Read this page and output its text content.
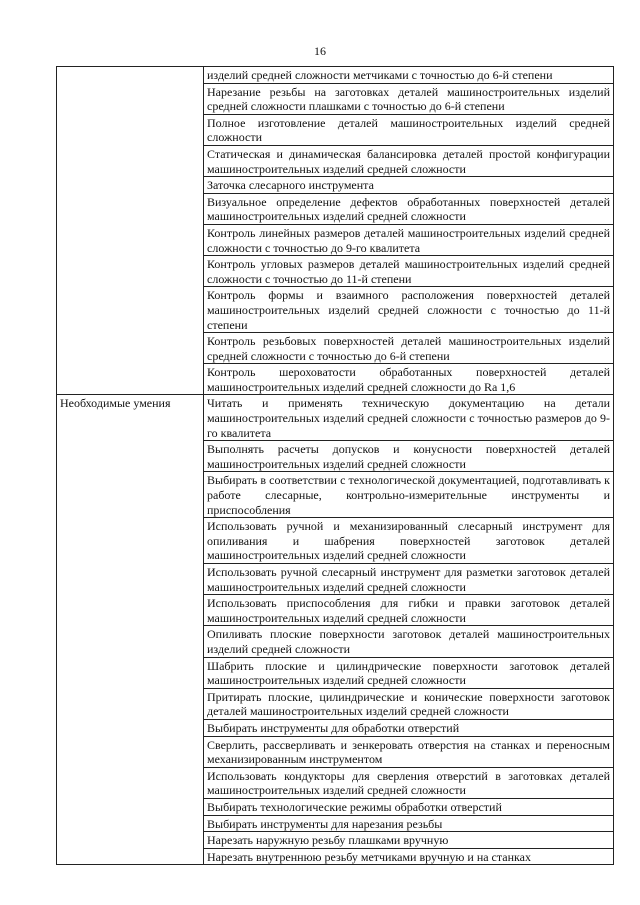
16
	изделий средней сложности метчиками с точностью до 6-й степени
	Нарезание резьбы на заготовках деталей машиностроительных изделий средней сложности плашками с точностью до 6-й степени
	Полное изготовление деталей машиностроительных изделий средней сложности
	Статическая и динамическая балансировка деталей простой конфигурации машиностроительных изделий средней сложности
	Заточка слесарного инструмента
	Визуальное определение дефектов обработанных поверхностей деталей машиностроительных изделий средней сложности
	Контроль линейных размеров деталей машиностроительных изделий средней сложности с точностью до 9-го квалитета
	Контроль угловых размеров деталей машиностроительных изделий средней сложности с точностью до 11-й степени
	Контроль формы и взаимного расположения поверхностей деталей машиностроительных изделий средней сложности с точностью до 11-й степени
	Контроль резьбовых поверхностей деталей машиностроительных изделий средней сложности с точностью до 6-й степени
	Контроль шероховатости обработанных поверхностей деталей машиностроительных изделий средней сложности до Ra 1,6
Необходимые умения	Читать и применять техническую документацию на детали машиностроительных изделий средней сложности с точностью размеров до 9-го квалитета
	Выполнять расчеты допусков и конусности поверхностей деталей машиностроительных изделий средней сложности
	Выбирать в соответствии с технологической документацией, подготавливать к работе слесарные, контрольно-измерительные инструменты и приспособления
	Использовать ручной и механизированный слесарный инструмент для опиливания и шабрения поверхностей заготовок деталей машиностроительных изделий средней сложности
	Использовать ручной слесарный инструмент для разметки заготовок деталей машиностроительных изделий средней сложности
	Использовать приспособления для гибки и правки заготовок деталей машиностроительных изделий средней сложности
	Опиливать плоские поверхности заготовок деталей машиностроительных изделий средней сложности
	Шабрить плоские и цилиндрические поверхности заготовок деталей машиностроительных изделий средней сложности
	Притирать плоские, цилиндрические и конические поверхности заготовок деталей машиностроительных изделий средней сложности
	Выбирать инструменты для обработки отверстий
	Сверлить, рассверливать и зенкеровать отверстия на станках и переносным механизированным инструментом
	Использовать кондукторы для сверления отверстий в заготовках деталей машиностроительных изделий средней сложности
	Выбирать технологические режимы обработки отверстий
	Выбирать инструменты для нарезания резьбы
	Нарезать наружную резьбу плашками вручную
	Нарезать внутреннюю резьбу метчиками вручную и на станках
